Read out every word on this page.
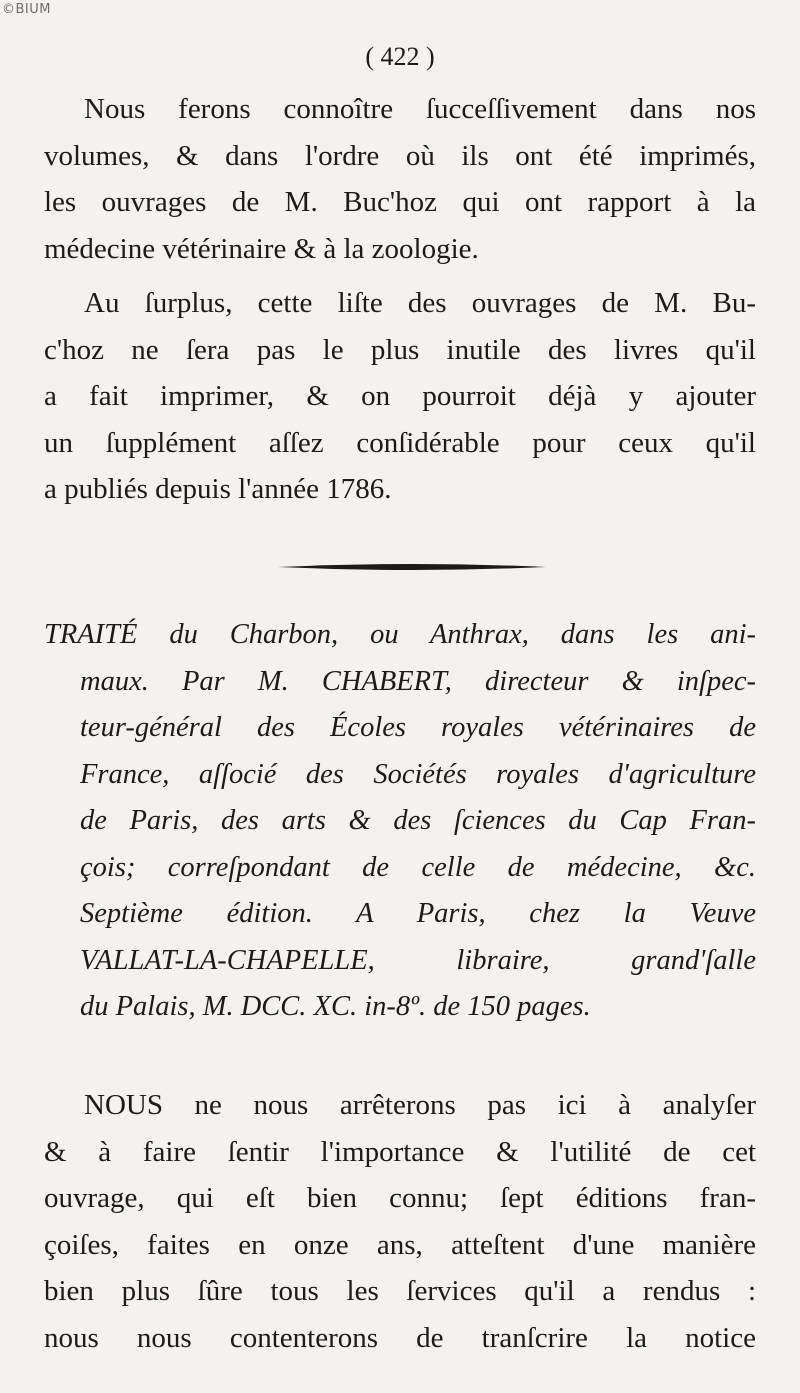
©BIUM
( 422 )
Nous ferons connoître ſucceſſivement dans nos
volumes, & dans l'ordre où ils ont été imprimés,
les ouvrages de M. Buc'hoz qui ont rapport à la
médecine vétérinaire & à la zoologie.
Au ſurplus, cette liſte des ouvrages de M. Bu-
c'hoz ne ſera pas le plus inutile des livres qu'il
a fait imprimer, & on pourroit déjà y ajouter
un ſupplément aſſez conſidérable pour ceux qu'il
a publiés depuis l'année 1786.
TRAITÉ du Charbon, ou Anthrax, dans les ani-
maux. Par M. CHABERT, directeur & inſpec-
teur-général des Écoles royales vétérinaires de
France, aſſocié des Sociétés royales d'agriculture
de Paris, des arts & des ſciences du Cap Fran-
çois; correſpondant de celle de médecine, &c.
Septième édition. A Paris, chez la Veuve
VALLAT-LA-CHAPELLE, libraire, grand'ſalle
du Palais, M. DCC. XC. in-8º. de 150 pages.
NOUS ne nous arrêterons pas ici à analyſer
& à faire ſentir l'importance & l'utilité de cet
ouvrage, qui eſt bien connu; ſept éditions fran-
çoiſes, faites en onze ans, atteſtent d'une manière
bien plus ſûre tous les ſervices qu'il a rendus :
nous nous contenterons de tranſcrire la notice
